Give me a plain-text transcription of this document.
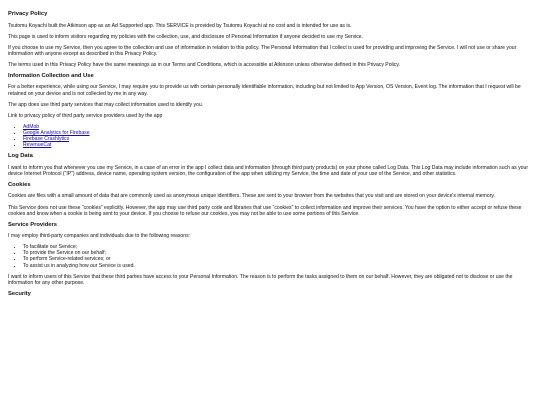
Privacy Policy

Tsutomu Koyachi built the Atkinson app as an Ad Supported app. This SERVICE is provided by Tsutomu Koyachi at no cost and is intended for use as is.

This page is used to inform visitors regarding my policies with the collection, use, and disclosure of Personal Information if anyone decided to use my Service.

If you choose to use my Service, then you agree to the collection and use of information in relation to this policy. The Personal Information that I collect is used for providing and improving the Service. I will not use or share your information with anyone except as described in this Privacy Policy.

The terms used in this Privacy Policy have the same meanings as in our Terms and Conditions, which is accessible at Atkinson unless otherwise defined in this Privacy Policy.

Information Collection and Use

For a better experience, while using our Service, I may require you to provide us with certain personally identifiable information, including but not limited to App Version, OS Version, Event log. The information that I request will be retained on your device and is not collected by me in any way.

The app does use third party services that may collect information used to identify you.

Link to privacy policy of third party service providers used by the app

• AdMob
• Google Analytics for Firebase
• Firebase Crashlytics
• RevenueCat
Log Data

I want to inform you that whenever you use my Service, in a case of an error in the app I collect data and information (through third party products) on your phone called Log Data. This Log Data may include information such as your device Internet Protocol (“IP”) address, device name, operating system version, the configuration of the app when utilizing my Service, the time and date of your use of the Service, and other statistics.

Cookies

Cookies are files with a small amount of data that are commonly used as anonymous unique identifiers. These are sent to your browser from the websites that you visit and are stored on your device's internal memory.

This Service does not use these “cookies” explicitly. However, the app may use third party code and libraries that use “cookies” to collect information and improve their services. You have the option to either accept or refuse these cookies and know when a cookie is being sent to your device. If you choose to refuse our cookies, you may not be able to use some portions of this Service.

Service Providers

I may employ third-party companies and individuals due to the following reasons:

• To facilitate our Service;
• To provide the Service on our behalf;
• To perform Service-related services; or
• To assist us in analyzing how our Service is used.

I want to inform users of this Service that these third parties have access to your Personal Information. The reason is to perform the tasks assigned to them on our behalf. However, they are obligated not to disclose or use the information for any other purpose.

Security
